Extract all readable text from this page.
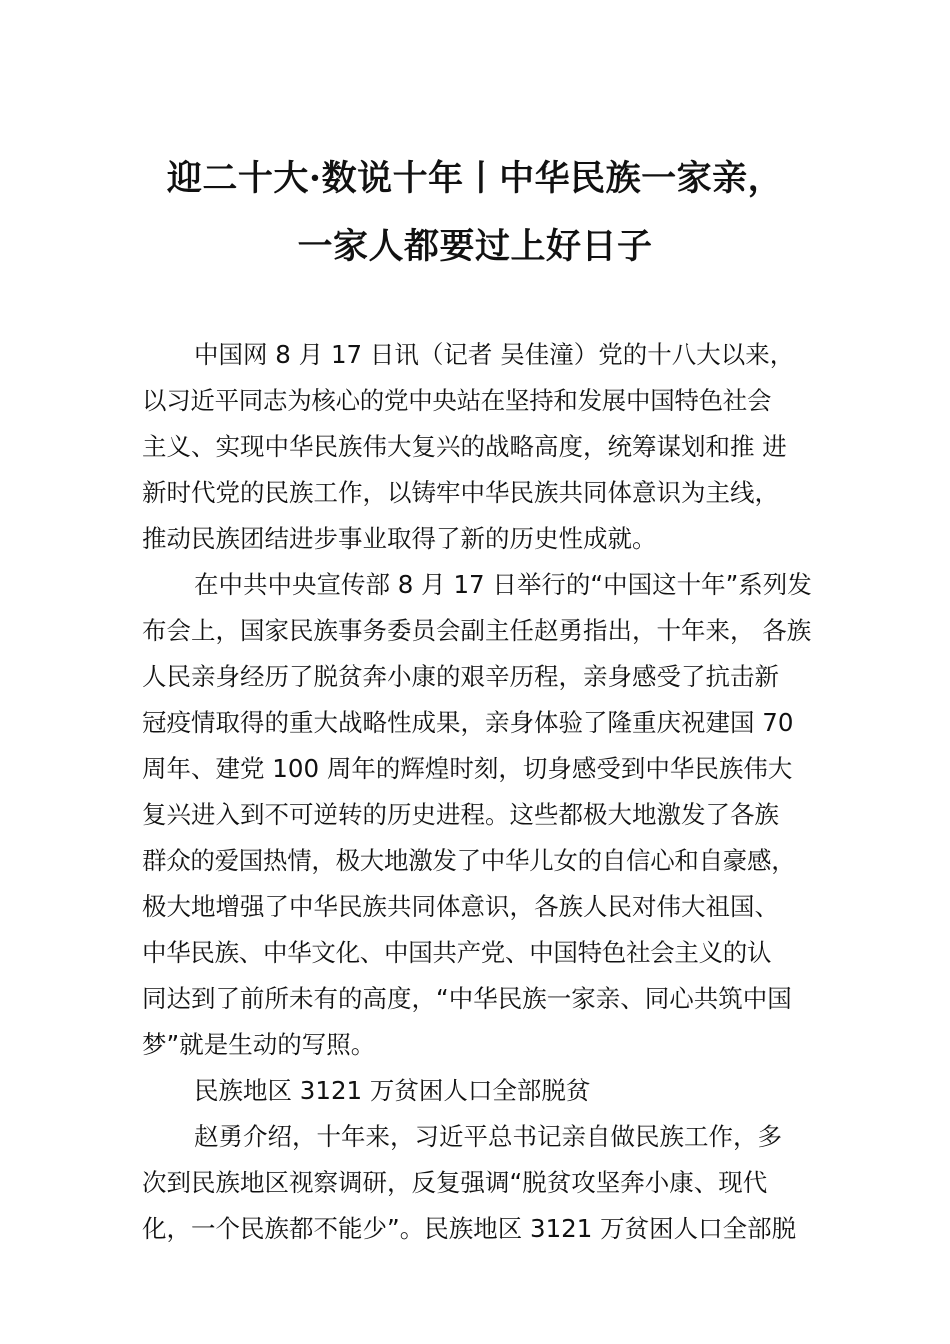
迎二十大·数说十年丨中华民族一家亲，
一家人都要过上好日子
中国网 8 月 17 日讯（记者 吴佳潼）党的十八大以来，
以习近平同志为核心的党中央站在坚持和发展中国特色社会
主义、实现中华民族伟大复兴的战略高度，统筹谋划和推 进
新时代党的民族工作，以铸牢中华民族共同体意识为主线，
推动民族团结进步事业取得了新的历史性成就。
在中共中央宣传部 8 月 17 日举行的“中国这十年”系列发
布会上，国家民族事务委员会副主任赵勇指出，十年来， 各族
人民亲身经历了脱贫奔小康的艰辛历程，亲身感受了抗击新
冠疫情取得的重大战略性成果，亲身体验了隆重庆祝建国 70
周年、建党 100 周年的辉煌时刻，切身感受到中华民族伟大
复兴进入到不可逆转的历史进程。这些都极大地激发了各族
群众的爱国热情，极大地激发了中华儿女的自信心和自豪感，
极大地增强了中华民族共同体意识，各族人民对伟大祖国、
中华民族、中华文化、中国共产党、中国特色社会主义的认
同达到了前所未有的高度，“中华民族一家亲、同心共筑中国
梦”就是生动的写照。
民族地区 3121 万贫困人口全部脱贫
赵勇介绍，十年来，习近平总书记亲自做民族工作，多
次到民族地区视察调研，反复强调“脱贫攻坚奔小康、现代
化，一个民族都不能少”。民族地区 3121 万贫困人口全部脱
